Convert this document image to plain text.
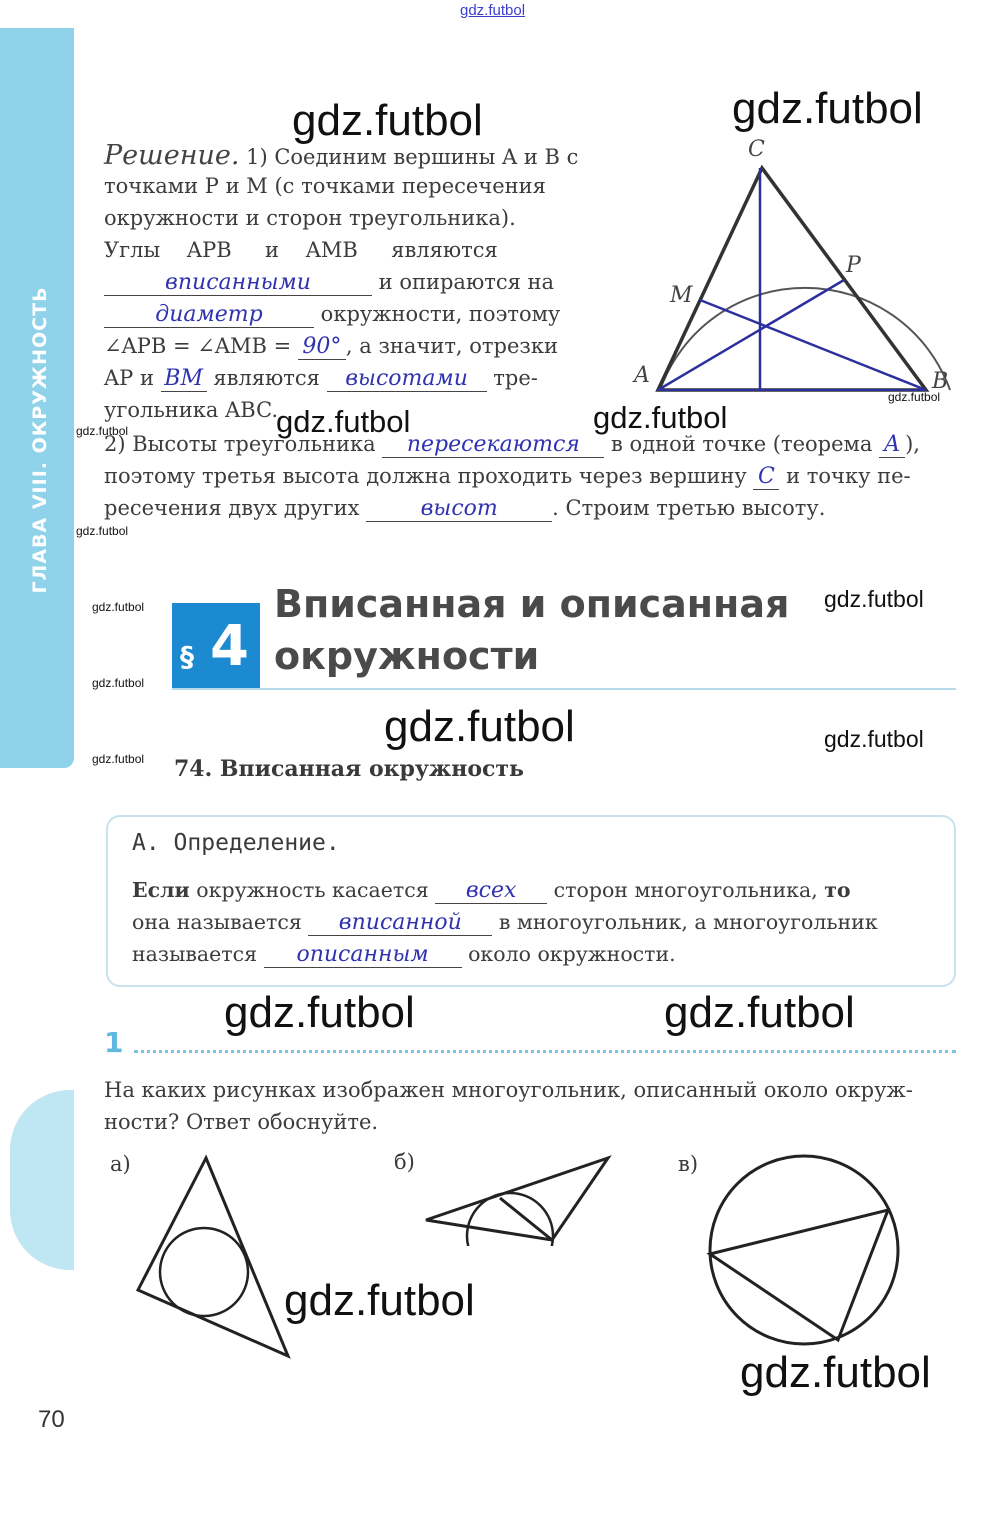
ГЛАВА VIII. ОКРУЖНОСТЬ
gdz.futbol
gdz.futbol	gdz.futbol
gdz.futbol	gdz.futbol
gdz.futbol
gdz.futbol
gdz.futbol
gdz.futbol
gdz.futbol
gdz.futbol
gdz.futbol
gdz.futbol
gdz.futbol
gdz.futbol	gdz.futbol
gdz.futbol
gdz.futbol
Решение. 1) Соединим вершины A и B с
точками P и M (с точками пересечения
окружности и сторон треугольника).
Углы    APB     и    AMB     являются
вписанными	и опираются на
диаметр окружности, поэтому
∠APB = ∠AMB = 90° , а значит, отрезки
AP и BM являются высотами тре-
угольника ABC.
2) Высоты треугольника пересекаются в одной точке (теорема A ),
поэтому третья высота должна проходить через вершину C и точку пе-
ресечения двух других высот	. Строим третью высоту.
C
P
M
A	B
§ 4
Вписанная и описанная
окружности
74. Вписанная окружность
А. Определение.
Если окружность касается всех сторон многоугольника, то
она называется вписанной в многоугольник, а многоугольник
называется описанным около окружности.
1
На каких рисунках изображен многоугольник, описанный около окруж-
ности? Ответ обоснуйте.
а)	б)	в)
70
